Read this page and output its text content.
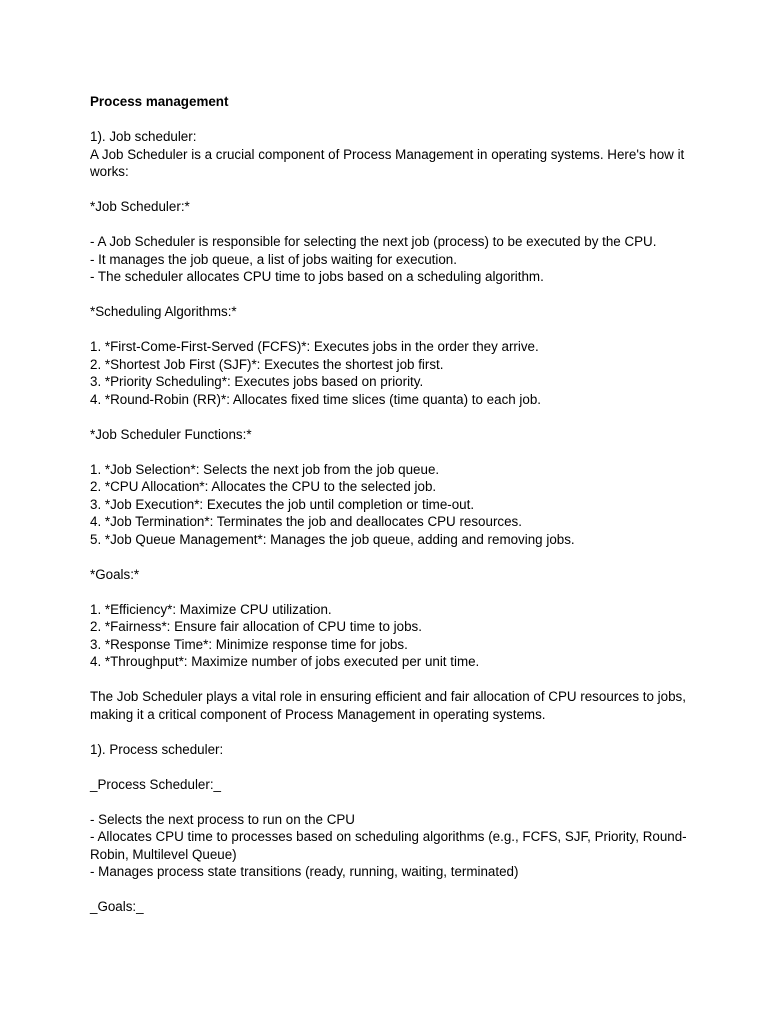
Process management

1). Job scheduler:

A Job Scheduler is a crucial component of Process Management in operating systems. Here's how it works:

*Job Scheduler:*

- A Job Scheduler is responsible for selecting the next job (process) to be executed by the CPU.

- It manages the job queue, a list of jobs waiting for execution.

- The scheduler allocates CPU time to jobs based on a scheduling algorithm.

*Scheduling Algorithms:*

1. *First-Come-First-Served (FCFS)*: Executes jobs in the order they arrive.

2. *Shortest Job First (SJF)*: Executes the shortest job first.

3. *Priority Scheduling*: Executes jobs based on priority.

4. *Round-Robin (RR)*: Allocates fixed time slices (time quanta) to each job.

*Job Scheduler Functions:*

1. *Job Selection*: Selects the next job from the job queue.

2. *CPU Allocation*: Allocates the CPU to the selected job.

3. *Job Execution*: Executes the job until completion or time-out.

4. *Job Termination*: Terminates the job and deallocates CPU resources.

5. *Job Queue Management*: Manages the job queue, adding and removing jobs.

*Goals:*

1. *Efficiency*: Maximize CPU utilization.

2. *Fairness*: Ensure fair allocation of CPU time to jobs.

3. *Response Time*: Minimize response time for jobs.

4. *Throughput*: Maximize number of jobs executed per unit time.

The Job Scheduler plays a vital role in ensuring efficient and fair allocation of CPU resources to jobs, making it a critical component of Process Management in operating systems.

1). Process scheduler:

_Process Scheduler:_

- Selects the next process to run on the CPU

- Allocates CPU time to processes based on scheduling algorithms (e.g., FCFS, SJF, Priority, Round-Robin, Multilevel Queue)

- Manages process state transitions (ready, running, waiting, terminated)

_Goals:_
